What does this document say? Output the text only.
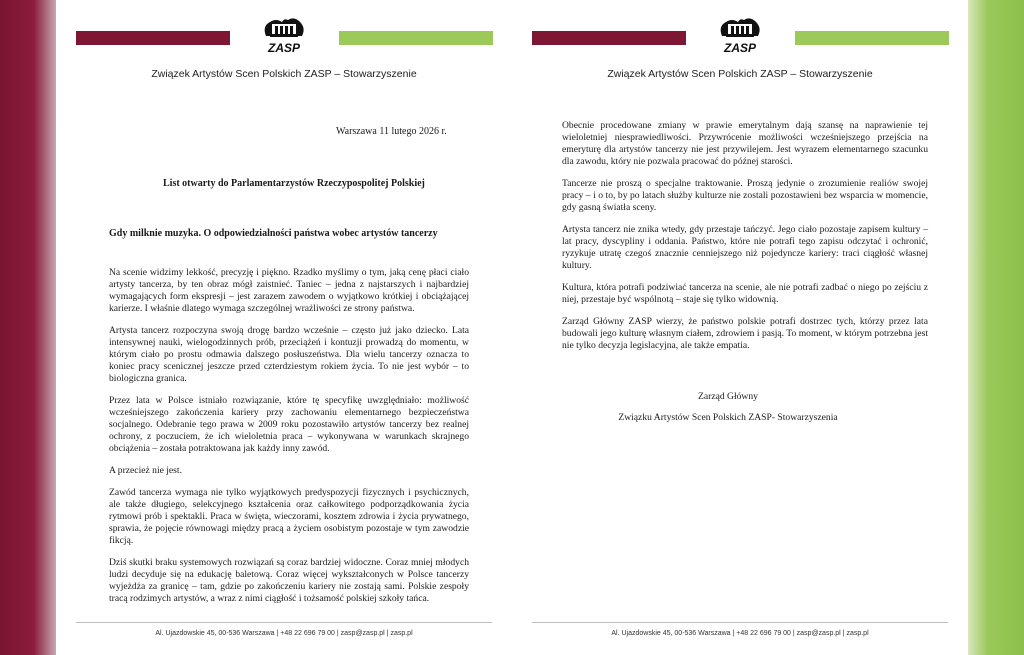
ZASP
Związek Artystów Scen Polskich ZASP – Stowarzyszenie
Warszawa 11 lutego 2026 r.
List otwarty do Parlamentarzystów Rzeczypospolitej Polskiej
Gdy milknie muzyka. O odpowiedzialności państwa wobec artystów tancerzy

Na scenie widzimy lekkość, precyzję i piękno. Rzadko myślimy o tym, jaką cenę płaci ciało artysty tancerza, by ten obraz mógł zaistnieć. Taniec – jedna z najstarszych i najbardziej wymagających form ekspresji – jest zarazem zawodem o wyjątkowo krótkiej i obciążającej karierze. I właśnie dlatego wymaga szczególnej wrażliwości ze strony państwa.

Artysta tancerz rozpoczyna swoją drogę bardzo wcześnie – często już jako dziecko. Lata intensywnej nauki, wielogodzinnych prób, przeciążeń i kontuzji prowadzą do momentu, w którym ciało po prostu odmawia dalszego posłuszeństwa. Dla wielu tancerzy oznacza to koniec pracy scenicznej jeszcze przed czterdziestym rokiem życia. To nie jest wybór – to biologiczna granica.

Przez lata w Polsce istniało rozwiązanie, które tę specyfikę uwzględniało: możliwość wcześniejszego zakończenia kariery przy zachowaniu elementarnego bezpieczeństwa socjalnego. Odebranie tego prawa w 2009 roku pozostawiło artystów tancerzy bez realnej ochrony, z poczuciem, że ich wieloletnia praca – wykonywana w warunkach skrajnego obciążenia – została potraktowana jak każdy inny zawód.

A przecież nie jest.

Zawód tancerza wymaga nie tylko wyjątkowych predyspozycji fizycznych i psychicznych, ale także długiego, selekcyjnego kształcenia oraz całkowitego podporządkowania życia rytmowi prób i spektakli. Praca w święta, wieczorami, kosztem zdrowia i życia prywatnego, sprawia, że pojęcie równowagi między pracą a życiem osobistym pozostaje w tym zawodzie fikcją.

Dziś skutki braku systemowych rozwiązań są coraz bardziej widoczne. Coraz mniej młodych ludzi decyduje się na edukację baletową. Coraz więcej wykształconych w Polsce tancerzy wyjeżdża za granicę – tam, gdzie po zakończeniu kariery nie zostają sami. Polskie zespoły tracą rodzimych artystów, a wraz z nimi ciągłość i tożsamość polskiej szkoły tańca.

Al. Ujazdowskie 45, 00-536 Warszawa | +48 22 696 79 00 | zasp@zasp.pl | zasp.pl
ZASP
Związek Artystów Scen Polskich ZASP – Stowarzyszenie

Obecnie procedowane zmiany w prawie emerytalnym dają szansę na naprawienie tej wieloletniej niesprawiedliwości. Przywrócenie możliwości wcześniejszego przejścia na emeryturę dla artystów tancerzy nie jest przywilejem. Jest wyrazem elementarnego szacunku dla zawodu, który nie pozwala pracować do późnej starości.

Tancerze nie proszą o specjalne traktowanie. Proszą jedynie o zrozumienie realiów swojej pracy – i o to, by po latach służby kulturze nie zostali pozostawieni bez wsparcia w momencie, gdy gasną światła sceny.

Artysta tancerz nie znika wtedy, gdy przestaje tańczyć. Jego ciało pozostaje zapisem kultury – lat pracy, dyscypliny i oddania. Państwo, które nie potrafi tego zapisu odczytać i ochronić, ryzykuje utratę czegoś znacznie cenniejszego niż pojedyncze kariery: traci ciągłość własnej kultury.

Kultura, która potrafi podziwiać tancerza na scenie, ale nie potrafi zadbać o niego po zejściu z niej, przestaje być wspólnotą – staje się tylko widownią.

Zarząd Główny ZASP wierzy, że państwo polskie potrafi dostrzec tych, którzy przez lata budowali jego kulturę własnym ciałem, zdrowiem i pasją. To moment, w którym potrzebna jest nie tylko decyzja legislacyjna, ale także empatia.

Zarząd Główny
Związku Artystów Scen Polskich ZASP- Stowarzyszenia
Al. Ujazdowskie 45, 00-536 Warszawa | +48 22 696 79 00 | zasp@zasp.pl | zasp.pl
